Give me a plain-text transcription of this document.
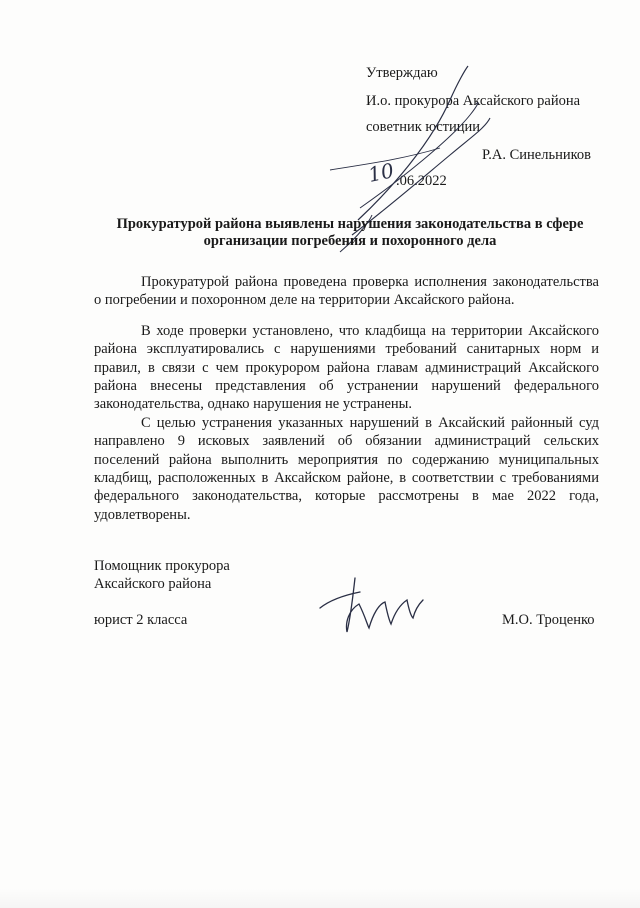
Утверждаю
И.о. прокурора Аксайского района
советник юстиции
Р.А. Синельников
.06.2022
10
Прокуратурой района выявлены нарушения законодательства в сфере организации погребения и похоронного дела

Прокуратурой района проведена проверка исполнения законодательства о погребении и похоронном деле на территории Аксайского района.

В ходе проверки установлено, что кладбища на территории Аксайского района эксплуатировались с нарушениями требований санитарных норм и правил, в связи с чем прокурором района главам администраций Аксайского района внесены представления об устранении нарушений федерального законодательства, однако нарушения не устранены.

С целью устранения указанных нарушений в Аксайский районный суд направлено 9 исковых заявлений об обязании администраций сельских поселений района выполнить мероприятия по содержанию муниципальных кладбищ, расположенных в Аксайском районе, в соответствии с требованиями федерального законодательства, которые рассмотрены в мае 2022 года, удовлетворены.

Помощник прокурора
Аксайского района
юрист 2 класса	М.О. Троценко
